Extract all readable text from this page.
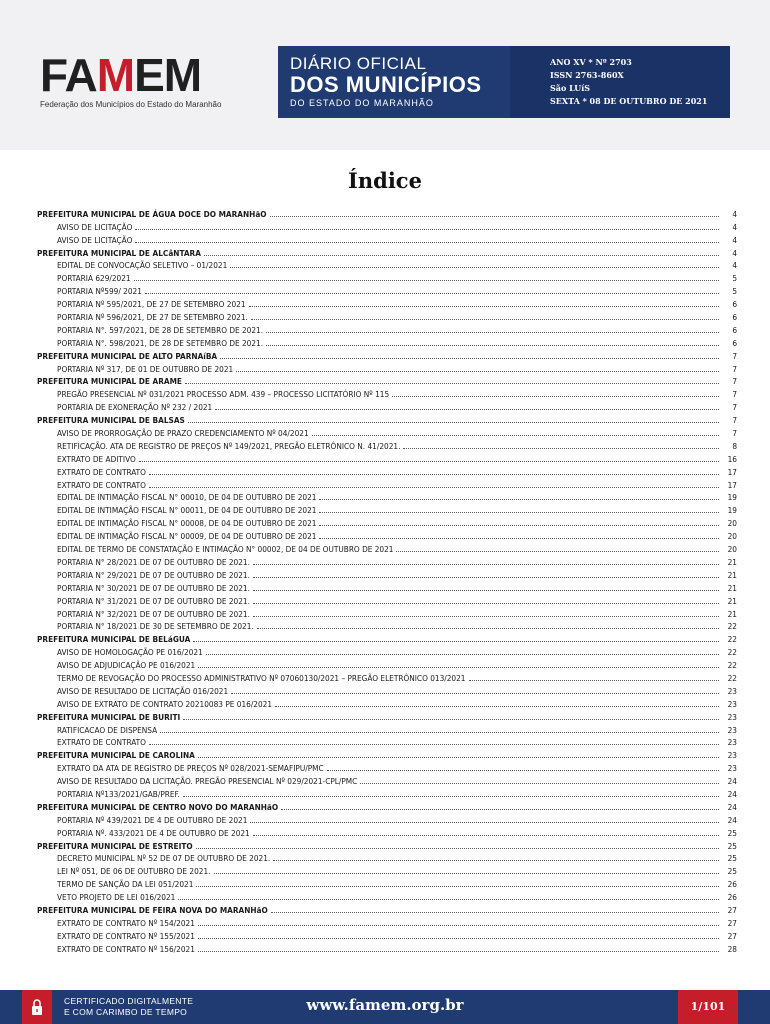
FAMEM
Federação dos Municípios do Estado do Maranhão
DIÁRIO OFICIAL
DOS MUNICÍPIOS
DO ESTADO DO MARANHÃO
ANO XV * Nº 2703
ISSN 2763-860X
São LUíS
SEXTA * 08 DE OUTUBRO DE 2021
Índice
PREFEITURA MUNICIPAL DE ÁGUA DOCE DO MARANHãO	4
AVISO DE LICITAÇÃO	4
AVISO DE LICITAÇÃO	4
PREFEITURA MUNICIPAL DE ALCâNTARA	4
EDITAL DE CONVOCAÇÃO SELETIVO – 01/2021	4
PORTARIA 629/2021	5
PORTARIA Nº599/ 2021	5
PORTARIA Nº 595/2021, DE 27 DE SETEMBRO 2021	6
PORTARIA Nº 596/2021, DE 27 DE SETEMBRO 2021.	6
PORTARIA N°. 597/2021, DE 28 DE SETEMBRO DE 2021.	6
PORTARIA N°. 598/2021, DE 28 DE SETEMBRO DE 2021.	6
PREFEITURA MUNICIPAL DE ALTO PARNAíBA	7
PORTARIA Nº 317, DE 01 DE OUTUBRO DE 2021	7
PREFEITURA MUNICIPAL DE ARAME	7
PREGÃO PRESENCIAL Nº 031/2021 PROCESSO ADM. 439 – PROCESSO LICITATÓRIO Nº 115	7
PORTARIA DE EXONERAÇÃO Nº 232 / 2021	7
PREFEITURA MUNICIPAL DE BALSAS	7
AVISO DE PRORROGAÇÃO DE PRAZO CREDENCIAMENTO Nº 04/2021	7
RETIFICAÇÃO. ATA DE REGISTRO DE PREÇOS Nº 149/2021, PREGÃO ELETRÔNICO N. 41/2021.	8
EXTRATO DE ADITIVO	16
EXTRATO DE CONTRATO	17
EXTRATO DE CONTRATO	17
EDITAL DE INTIMAÇÃO FISCAL N° 00010, DE 04 DE OUTUBRO DE 2021	19
EDITAL DE INTIMAÇÃO FISCAL N° 00011, DE 04 DE OUTUBRO DE 2021	19
EDITAL DE INTIMAÇÃO FISCAL N° 00008, DE 04 DE OUTUBRO DE 2021	20
EDITAL DE INTIMAÇÃO FISCAL N° 00009, DE 04 DE OUTUBRO DE 2021	20
EDITAL DE TERMO DE CONSTATAÇÃO E INTIMAÇÃO N° 00002, DE 04 DE OUTUBRO DE 2021	20
PORTARIA N° 28/2021 DE 07 DE OUTUBRO DE 2021.	21
PORTARIA N° 29/2021 DE 07 DE OUTUBRO DE 2021.	21
PORTARIA N° 30/2021 DE 07 DE OUTUBRO DE 2021.	21
PORTARIA N° 31/2021 DE 07 DE OUTUBRO DE 2021.	21
PORTARIA N° 32/2021 DE 07 DE OUTUBRO DE 2021.	21
PORTARIA N° 18/2021 DE 30 DE SETEMBRO DE 2021.	22
PREFEITURA MUNICIPAL DE BELáGUA	22
AVISO DE HOMOLOGAÇÃO PE 016/2021	22
AVISO DE ADJUDICAÇÃO PE 016/2021	22
TERMO DE REVOGAÇÃO DO PROCESSO ADMINISTRATIVO Nº 07060130/2021 – PREGÃO ELETRÔNICO 013/2021	22
AVISO DE RESULTADO DE LICITAÇÃO 016/2021	23
AVISO DE EXTRATO DE CONTRATO 20210083 PE 016/2021	23
PREFEITURA MUNICIPAL DE BURITI	23
RATIFICACAO DE DISPENSA	23
EXTRATO DE CONTRATO	23
PREFEITURA MUNICIPAL DE CAROLINA	23
EXTRATO DA ATA DE REGISTRO DE PREÇOS Nº 028/2021-SEMAFIPU/PMC	23
AVISO DE RESULTADO DA LICITAÇÃO. PREGÃO PRESENCIAL Nº 029/2021-CPL/PMC	24
PORTARIA Nº133/2021/GAB/PREF.	24
PREFEITURA MUNICIPAL DE CENTRO NOVO DO MARANHãO	24
PORTARIA Nº 439/2021 DE 4 DE OUTUBRO DE 2021	24
PORTARIA Nº. 433/2021 DE 4 DE OUTUBRO DE 2021	25
PREFEITURA MUNICIPAL DE ESTREITO	25
DECRETO MUNICIPAL Nº 52 DE 07 DE OUTUBRO DE 2021.	25
LEI Nº 051, DE 06 DE OUTUBRO DE 2021.	25
TERMO DE SANÇÃO DA LEI 051/2021	26
VETO PROJETO DE LEI 016/2021	26
PREFEITURA MUNICIPAL DE FEIRA NOVA DO MARANHãO	27
EXTRATO DE CONTRATO Nº 154/2021	27
EXTRATO DE CONTRATO Nº 155/2021	27
EXTRATO DE CONTRATO Nº 156/2021	28
CERTIFICADO DIGITALMENTE
E COM CARIMBO DE TEMPO	www.famem.org.br	1/101
